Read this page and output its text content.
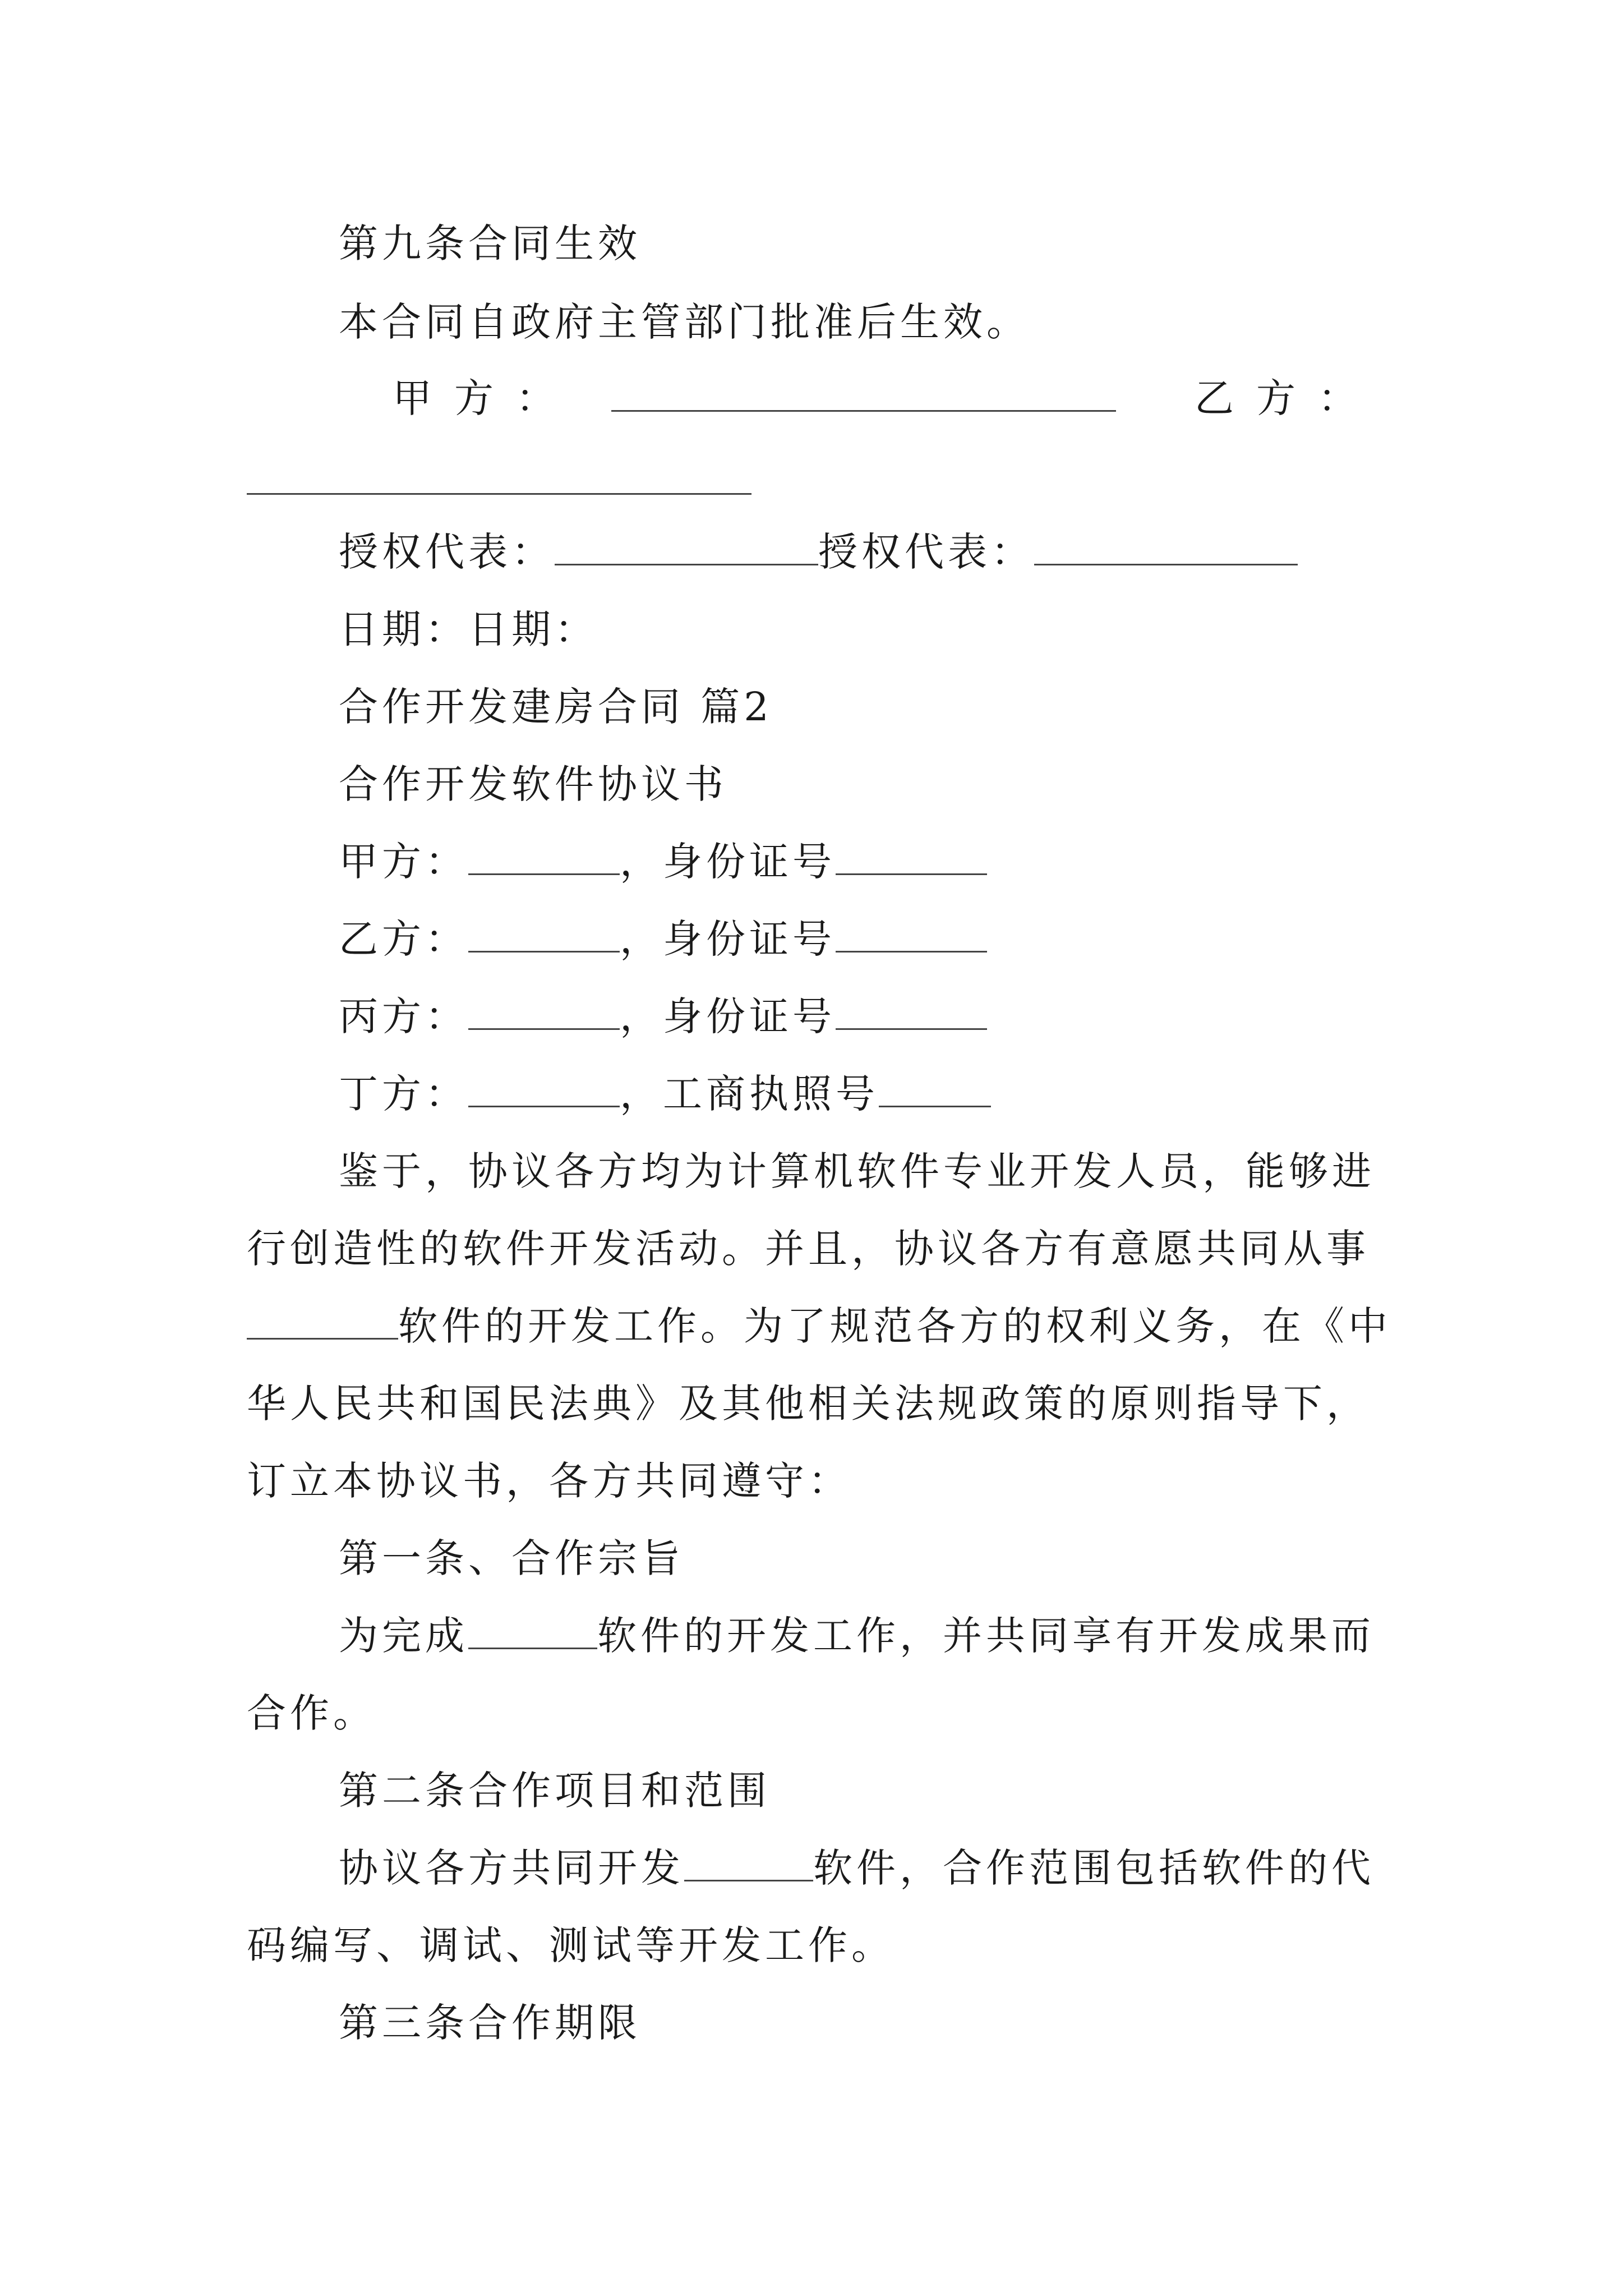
第九条合同生效
本合同自政府主管部门批准后生效。
甲方：	乙方：
授权代表：	授权代表：
日期：日期：
合作开发建房合同 篇2
合作开发软件协议书
甲方：	，身份证号
乙方：	，身份证号
丙方：	，身份证号
丁方：	，工商执照号
鉴于，协议各方均为计算机软件专业开发人员，能够进
行创造性的软件开发活动。并且，协议各方有意愿共同从事
软件的开发工作。为了规范各方的权利义务，在《中
华人民共和国民法典》及其他相关法规政策的原则指导下，
订立本协议书，各方共同遵守：
第一条、合作宗旨
为完成	软件的开发工作，并共同享有开发成果而
合作。
第二条合作项目和范围
协议各方共同开发	软件，合作范围包括软件的代
码编写、调试、测试等开发工作。
第三条合作期限
